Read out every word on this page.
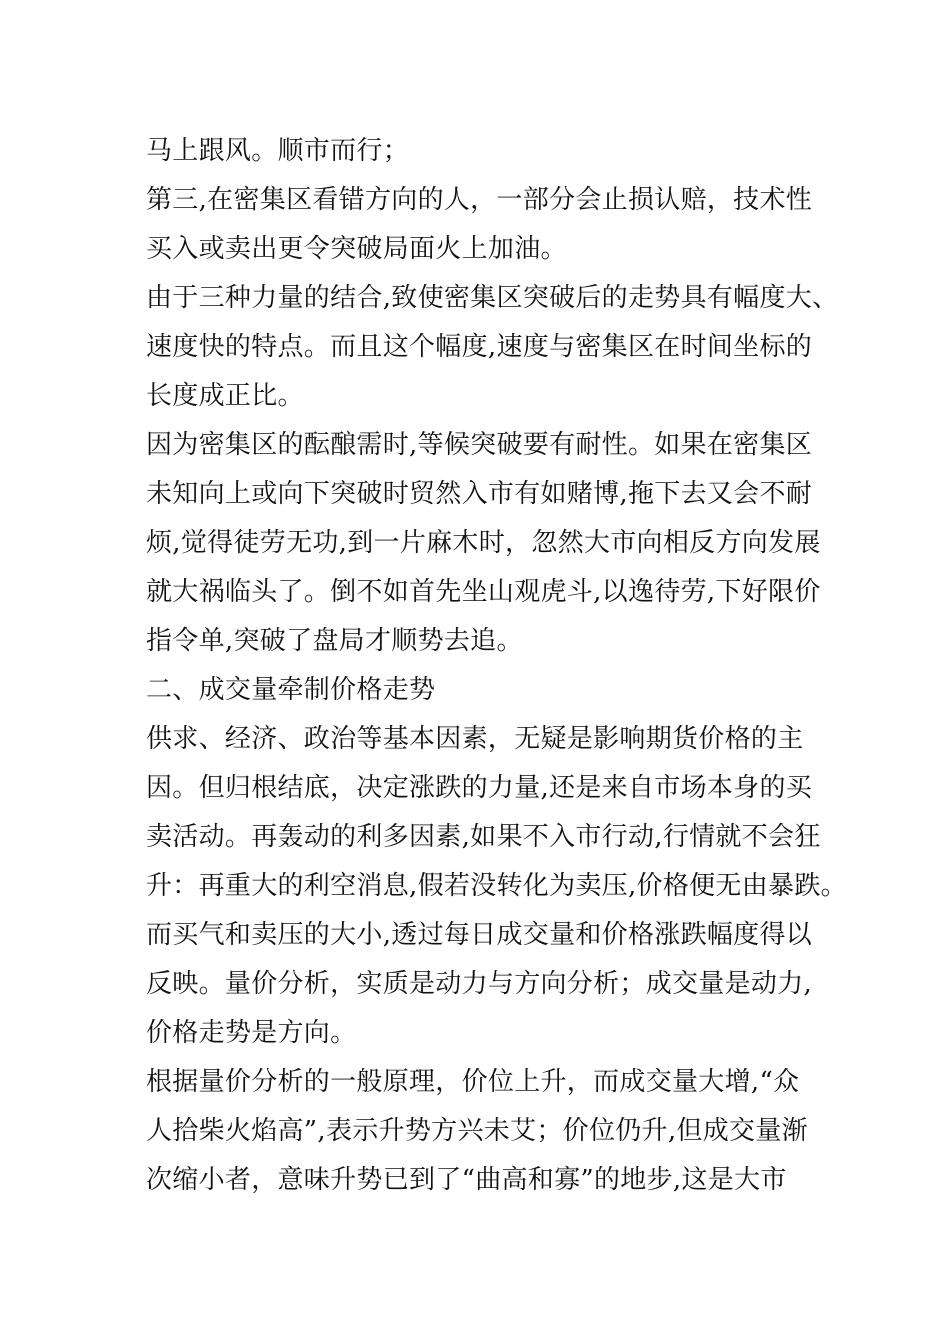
马上跟风。顺市而行；
第三,在密集区看错方向的人，一部分会止损认赔，技术性
买入或卖出更令突破局面火上加油。
由于三种力量的结合,致使密集区突破后的走势具有幅度大、
速度快的特点。而且这个幅度,速度与密集区在时间坐标的
长度成正比。
因为密集区的酝酿需时,等候突破要有耐性。如果在密集区
未知向上或向下突破时贸然入市有如赌博,拖下去又会不耐
烦,觉得徒劳无功,到一片麻木时，忽然大市向相反方向发展
就大祸临头了。倒不如首先坐山观虎斗,以逸待劳,下好限价
指令单,突破了盘局才顺势去追。
二、成交量牵制价格走势
供求、经济、政治等基本因素，无疑是影响期货价格的主
因。但归根结底，决定涨跌的力量,还是来自市场本身的买
卖活动。再轰动的利多因素,如果不入市行动,行情就不会狂
升：再重大的利空消息,假若没转化为卖压,价格便无由暴跌。
而买气和卖压的大小,透过每日成交量和价格涨跌幅度得以
反映。量价分析，实质是动力与方向分析；成交量是动力,
价格走势是方向。
根据量价分析的一般原理，价位上升，而成交量大增,“众
人拾柴火焰高”,表示升势方兴未艾；价位仍升,但成交量渐
次缩小者，意味升势已到了“曲高和寡”的地步,这是大市
